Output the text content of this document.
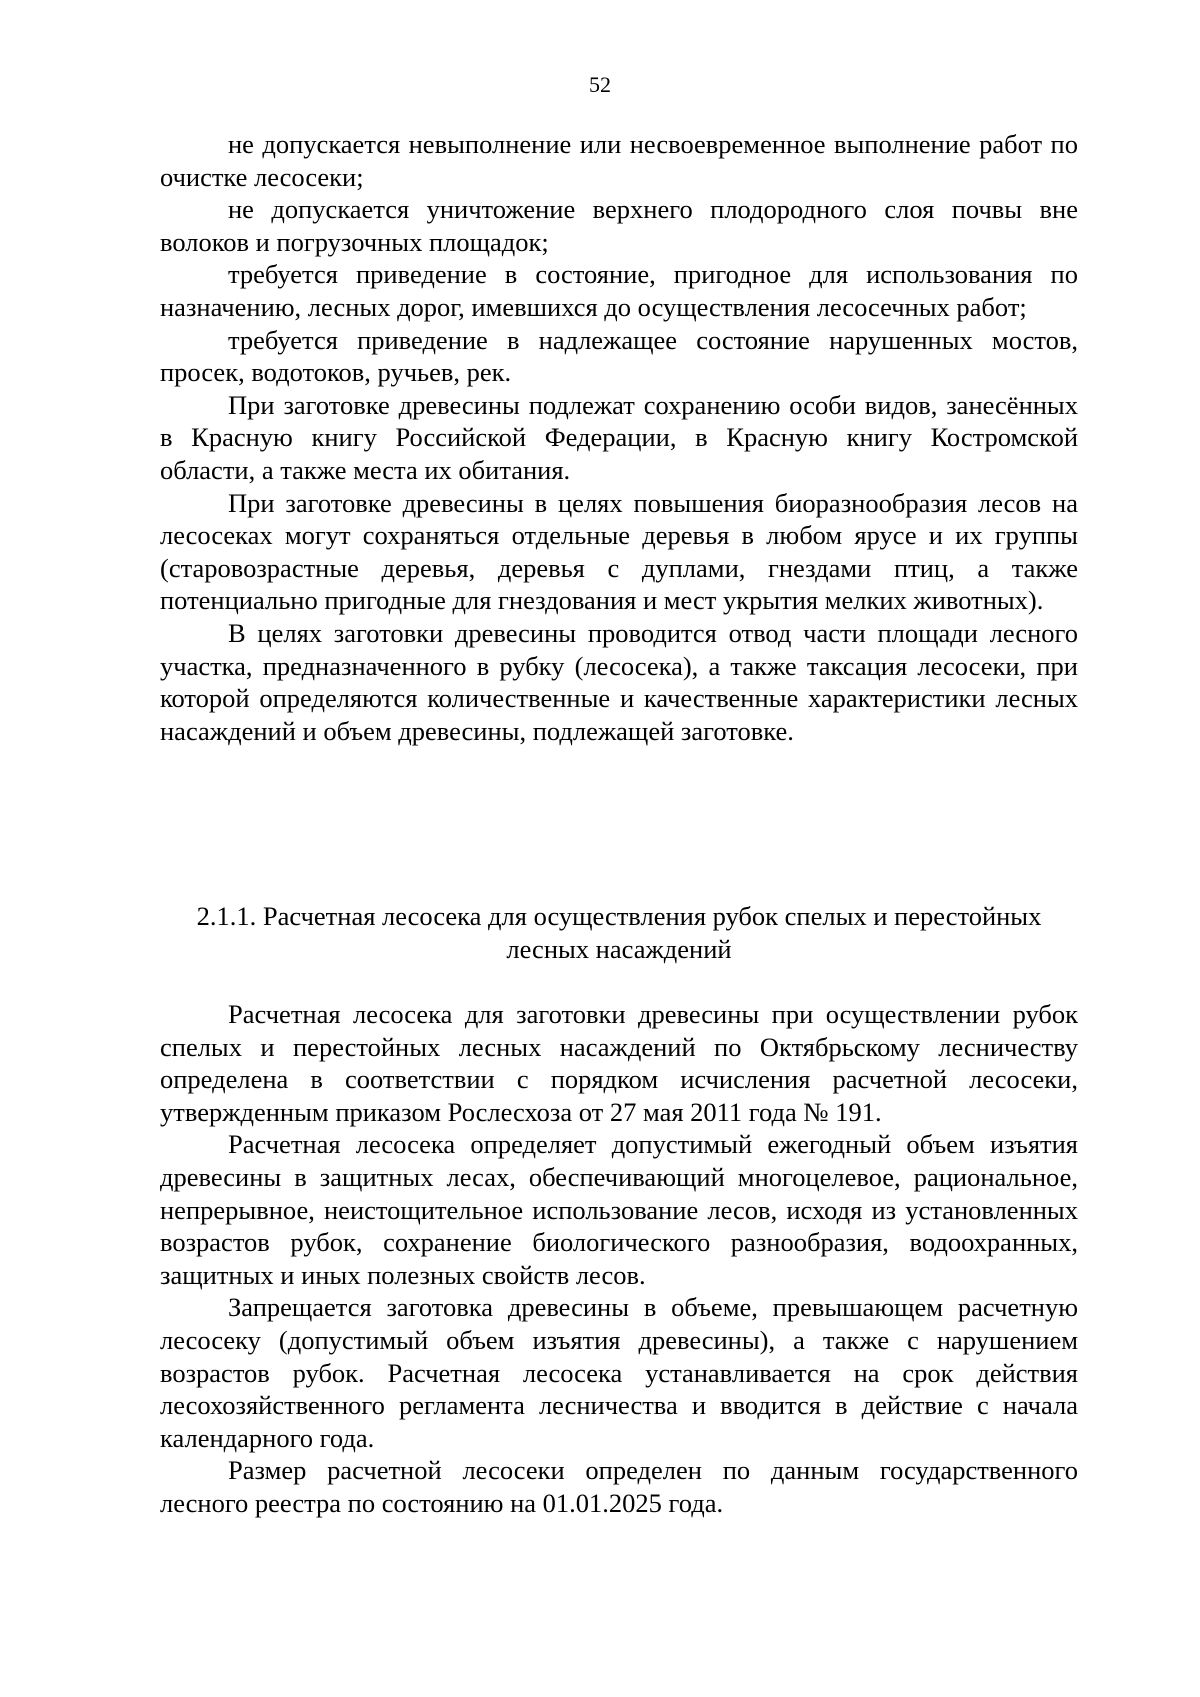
52

не допускается невыполнение или несвоевременное выполнение работ по очистке лесосеки;

не допускается уничтожение верхнего плодородного слоя почвы вне волоков и погрузочных площадок;

требуется приведение в состояние, пригодное для использования по назначению, лесных дорог, имевшихся до осуществления лесосечных работ;

требуется приведение в надлежащее состояние нарушенных мостов, просек, водотоков, ручьев, рек.

При заготовке древесины подлежат сохранению особи видов, занесённых в Красную книгу Российской Федерации, в Красную книгу Костромской области, а также места их обитания.

При заготовке древесины в целях повышения биоразнообразия лесов на лесосеках могут сохраняться отдельные деревья в любом ярусе и их группы (старовозрастные деревья, деревья с дуплами, гнездами птиц, а также потенциально пригодные для гнездования и мест укрытия мелких животных).

В целях заготовки древесины проводится отвод части площади лесного участка, предназначенного в рубку (лесосека), а также таксация лесосеки, при которой определяются количественные и качественные характеристики лесных насаждений и объем древесины, подлежащей заготовке.

2.1.1. Расчетная лесосека для осуществления рубок спелых и перестойных
лесных насаждений

Расчетная лесосека для заготовки древесины при осуществлении рубок спелых и перестойных лесных насаждений по Октябрьскому лесничеству определена в соответствии с порядком исчисления расчетной лесосеки, утвержденным приказом Рослесхоза от 27 мая 2011 года № 191.

Расчетная лесосека определяет допустимый ежегодный объем изъятия древесины в защитных лесах, обеспечивающий многоцелевое, рациональное, непрерывное, неистощительное использование лесов, исходя из установленных возрастов рубок, сохранение биологического разнообразия, водоохранных, защитных и иных полезных свойств лесов.

Запрещается заготовка древесины в объеме, превышающем расчетную лесосеку (допустимый объем изъятия древесины), а также с нарушением возрастов рубок. Расчетная лесосека устанавливается на срок действия лесохозяйственного регламента лесничества и вводится в действие с начала календарного года.

Размер расчетной лесосеки определен по данным государственного лесного реестра по состоянию на 01.01.2025 года.
